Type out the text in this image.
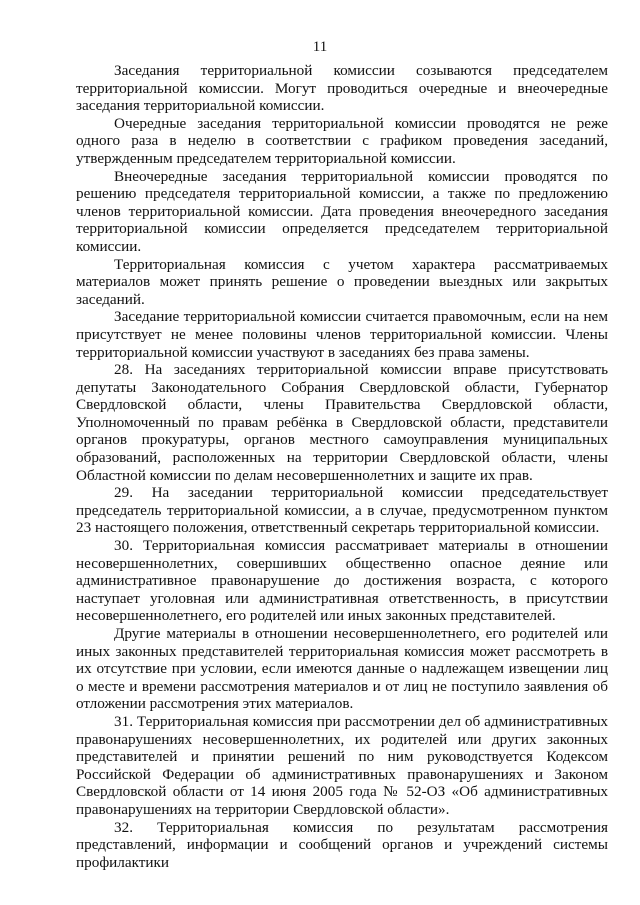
11

Заседания территориальной комиссии созываются председателем территориальной комиссии. Могут проводиться очередные и внеочередные заседания территориальной комиссии.

Очередные заседания территориальной комиссии проводятся не реже одного раза в неделю в соответствии с графиком проведения заседаний, утвержденным председателем территориальной комиссии.

Внеочередные заседания территориальной комиссии проводятся по решению председателя территориальной комиссии, а также по предложению членов территориальной комиссии. Дата проведения внеочередного заседания территориальной комиссии определяется председателем территориальной комиссии.

Территориальная комиссия с учетом характера рассматриваемых материалов может принять решение о проведении выездных или закрытых заседаний.

Заседание территориальной комиссии считается правомочным, если на нем присутствует не менее половины членов территориальной комиссии. Члены территориальной комиссии участвуют в заседаниях без права замены.

28. На заседаниях территориальной комиссии вправе присутствовать депутаты Законодательного Собрания Свердловской области, Губернатор Свердловской области, члены Правительства Свердловской области, Уполномоченный по правам ребёнка в Свердловской области, представители органов прокуратуры, органов местного самоуправления муниципальных образований, расположенных на территории Свердловской области, члены Областной комиссии по делам несовершеннолетних и защите их прав.

29. На заседании территориальной комиссии председательствует председатель территориальной комиссии, а в случае, предусмотренном пунктом 23 настоящего положения, ответственный секретарь территориальной комиссии.

30. Территориальная комиссия рассматривает материалы в отношении несовершеннолетних, совершивших общественно опасное деяние или административное правонарушение до достижения возраста, с которого наступает уголовная или административная ответственность, в присутствии несовершеннолетнего, его родителей или иных законных представителей.

Другие материалы в отношении несовершеннолетнего, его родителей или иных законных представителей территориальная комиссия может рассмотреть в их отсутствие при условии, если имеются данные о надлежащем извещении лиц о месте и времени рассмотрения материалов и от лиц не поступило заявления об отложении рассмотрения этих материалов.

31. Территориальная комиссия при рассмотрении дел об административных правонарушениях несовершеннолетних, их родителей или других законных представителей и принятии решений по ним руководствуется Кодексом Российской Федерации об административных правонарушениях и Законом Свердловской области от 14 июня 2005 года № 52-ОЗ «Об административных правонарушениях на территории Свердловской области».

32. Территориальная комиссия по результатам рассмотрения представлений, информации и сообщений органов и учреждений системы профилактики
